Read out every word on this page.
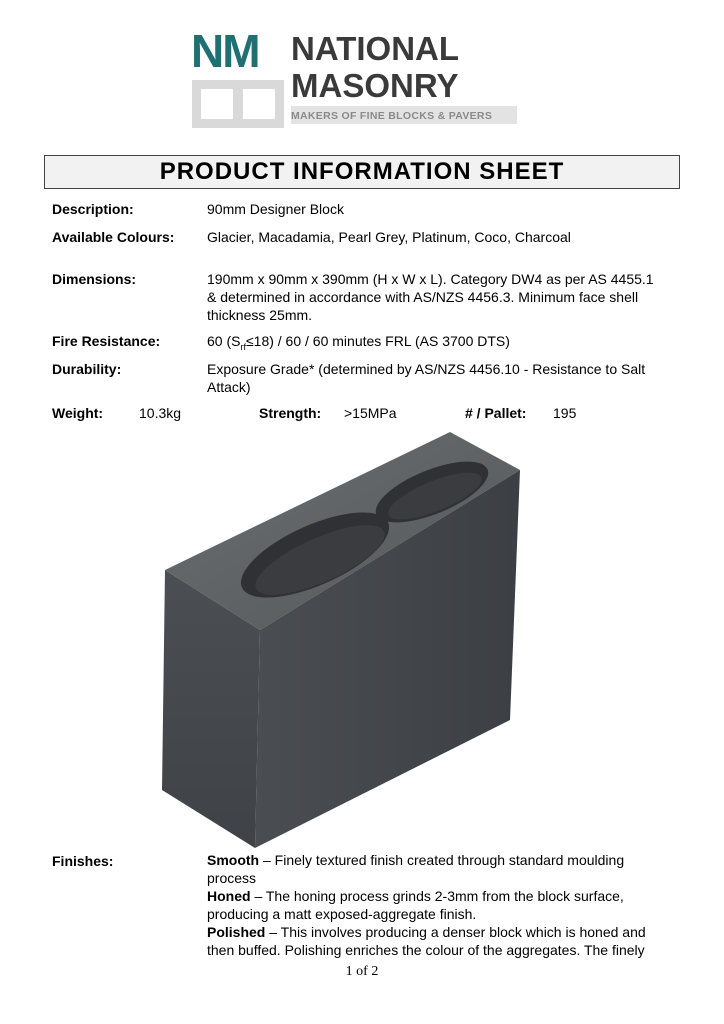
NM NATIONAL
MASONRY
MAKERS OF FINE BLOCKS & PAVERS
PRODUCT INFORMATION SHEET
Description:	90mm Designer Block
Available Colours: Glacier, Macadamia, Pearl Grey, Platinum, Coco, Charcoal
Dimensions:	190mm x 90mm x 390mm (H x W x L). Category DW4 as per AS 4455.1 & determined in accordance with AS/NZS 4456.3. Minimum face shell thickness 25mm.
Fire Resistance:	60 $(S_{rf}\le 18) / 60 / 60$ minutes FRL (AS 3700 DTS)
Durability:	Exposure Grade* (determined by AS/NZS 4456.10 - Resistance to Salt Attack)
Weight:	10.3kg	Strength: >15MPa	# / Pallet: 195
Finishes:	Smooth – Finely textured finish created through standard moulding process
Honed – The honing process grinds 2-3mm from the block surface, producing a matt exposed-aggregate finish.
Polished – This involves producing a denser block which is honed and then buffed. Polishing enriches the colour of the aggregates. The finely
1 of 2
